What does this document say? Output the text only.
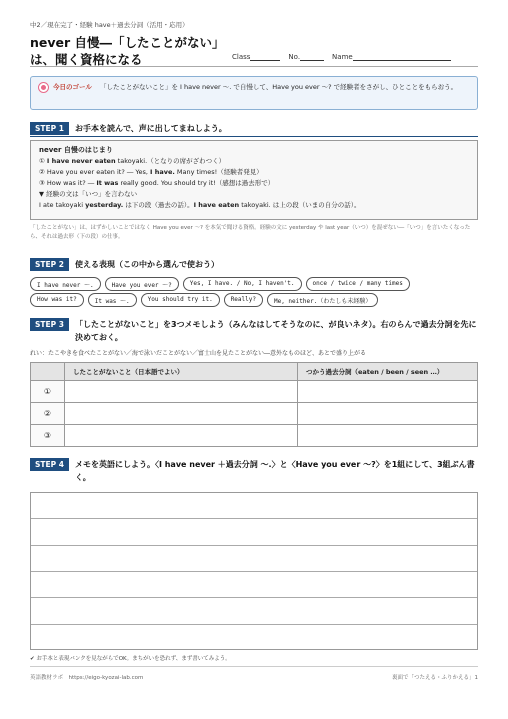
中2／現在完了・経験 have＋過去分詞（活用・応用）
never 自慢―「したことがない」
は、聞く資格になる	Class	No.	Name
今日のゴール 「したことがないこと」を I have never ～. で自慢して、Have you ever ～? で経験者をさがし、ひとことをもらおう。
STEP 1	お手本を読んで、声に出してまねしよう。
never 自慢のはじまり
① I have never eaten takoyaki.（となりの席がざわつく）
② Have you ever eaten it? ― Yes, I have. Many times!（経験者発見）
③ How was it? ― It was really good. You should try it!（感想は過去形で）
▼ 経験の文は「いつ」を言わない
I ate takoyaki yesterday. は下の段（過去の話）。I have eaten takoyaki. は上の段（いまの自分の話）。
「したことがない」は、はずかしいことではなく Have you ever ～? を本気で聞ける資格。経験の文に yesterday や last year（いつ）を混ぜない―「いつ」を言いたくなったら、それは過去形（下の段）の仕事。
STEP 2	使える表現（この中から選んで使おう）
I have never ～.	Have you ever ～?	Yes, I have. / No, I haven't.	once / twice / many times
How was it?	It was ～.	You should try it.	Really?	Me, neither.（わたしも未経験）
STEP 3	「したことがないこと」を3つメモしよう（みんなはしてそうなのに、が良いネタ）。右のらんで過去分詞を先に決めておく。
れい：たこやきを食べたことがない／海で泳いだことがない／富士山を見たことがない―意外なものほど、あとで盛り上がる
	したことがないこと（日本語でよい）	つかう過去分詞（eaten / been / seen …）
①		
②		
③		
STEP 4	メモを英語にしよう。〈I have never ＋過去分詞 ～.〉と〈Have you ever ～?〉を1組にして、3組ぶん書く。
✔ お手本と表現バンクを見ながらでOK。まちがいを恐れず、まず書いてみよう。
英語教材ラボ　https://eigo-kyozai-lab.com	裏面で「つたえる・ふりかえる」1
